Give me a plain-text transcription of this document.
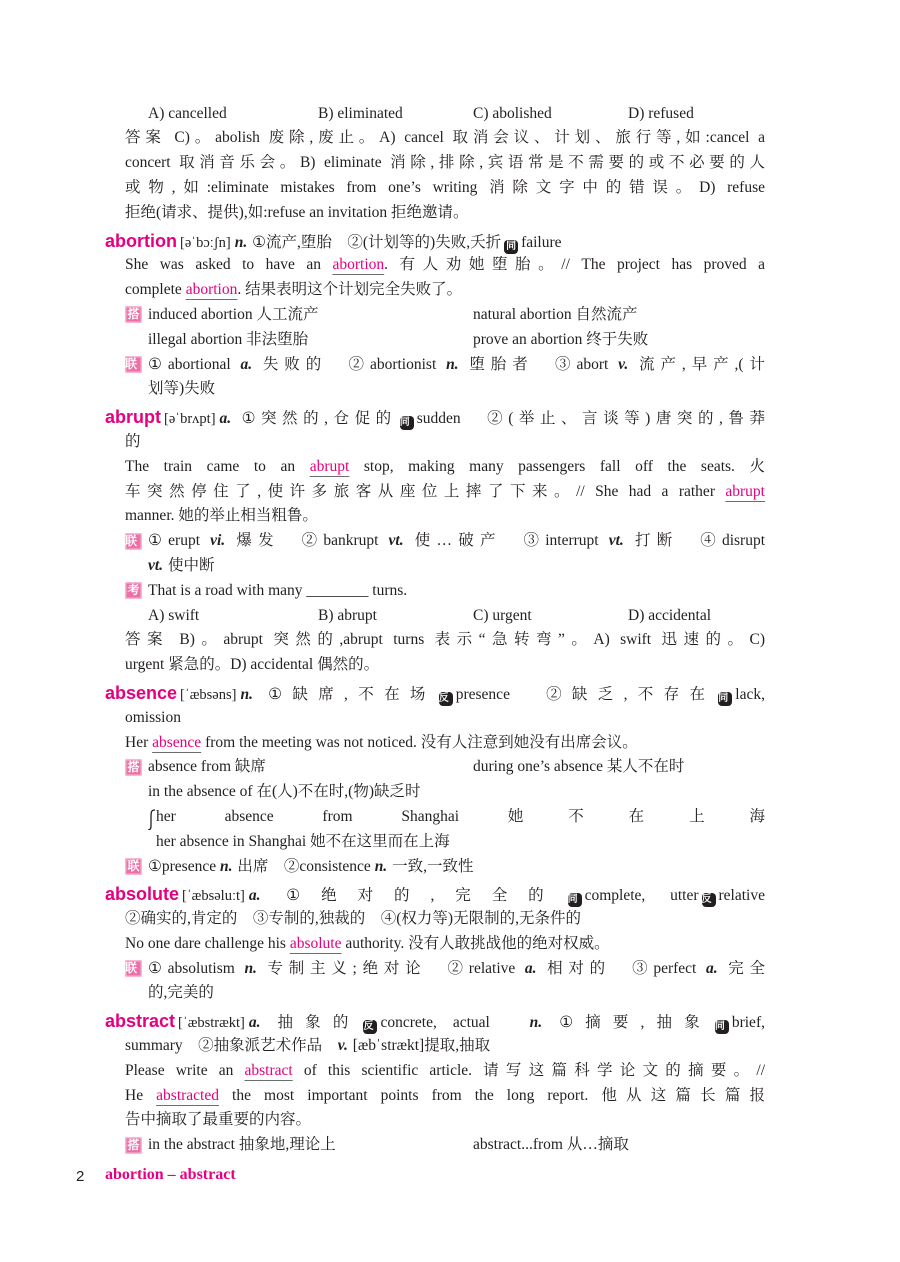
A) cancelled	B) eliminated	C) abolished	D) refused
答案 C)。abolish 废除,废止。A) cancel 取消会议、计划、旅行等,如:cancel a
concert 取消音乐会。B) eliminate 消除,排除,宾语常是不需要的或不必要的人
或物,如:eliminate mistakes from one’s writing 消除文字中的错误。D) refuse
拒绝(请求、提供),如:refuse an invitation 拒绝邀请。
abortion [əˈbɔːʃn] n. ①流产,堕胎　②(计划等的)失败,夭折 同 failure
She was asked to have an abortion. 有人劝她堕胎。// The project has proved a
complete abortion. 结果表明这个计划完全失败了。
induced abortion 人工流产	natural abortion 自然流产
搭
illegal abortion 非法堕胎	prove an abortion 终于失败
①abortional a. 失败的　②abortionist n. 堕胎者　③abort v. 流产,早产,(计
联
划等)失败
abrupt [əˈbrʌpt] a. ①突然的,仓促的 同 sudden　②(举止、言谈等)唐突的,鲁莽
的
The train came to an abrupt stop, making many passengers fall off the seats. 火
车突然停住了,使许多旅客从座位上摔了下来。// She had a rather abrupt
manner. 她的举止相当粗鲁。
①erupt vi. 爆发　②bankrupt vt. 使…破产　③interrupt vt. 打断　④disrupt
联
vt. 使中断
That is a road with many ________ turns.
考
A) swift	B) abrupt	C) urgent	D) accidental
答案 B)。abrupt 突然的,abrupt turns 表示“急转弯”。A) swift 迅速的。C)
urgent 紧急的。D) accidental 偶然的。
absence [ˈæbsəns] n. ①缺席,不在场 反 presence　②缺乏,不存在 同 lack,
omission
Her absence from the meeting was not noticed. 没有人注意到她没有出席会议。
absence from 缺席	during one’s absence 某人不在时
搭
in the absence of 在(人)不在时,(物)缺乏时
her absence from Shanghai 她不在上海
her absence in Shanghai 她不在这里而在上海
①presence n. 出席　②consistence n. 一致,一致性
联
absolute [ˈæbsəluːt] a. ①绝对的,完全的 同 complete, utter 反 relative
②确实的,肯定的　③专制的,独裁的　④(权力等)无限制的,无条件的
No one dare challenge his absolute authority. 没有人敢挑战他的绝对权威。
①absolutism n. 专制主义;绝对论　②relative a. 相对的　③perfect a. 完全
联
的,完美的
abstract [ˈæbstrækt] a. 抽象的 反 concrete, actual　n. ①摘要,抽象 同 brief,
summary　②抽象派艺术作品　v. [æbˈstrækt]提取,抽取
Please write an abstract of this scientific article. 请写这篇科学论文的摘要。//
He abstracted the most important points from the long report. 他从这篇长篇报
告中摘取了最重要的内容。
in the abstract 抽象地,理论上	abstract...from 从…摘取
搭
2 abortion – abstract
